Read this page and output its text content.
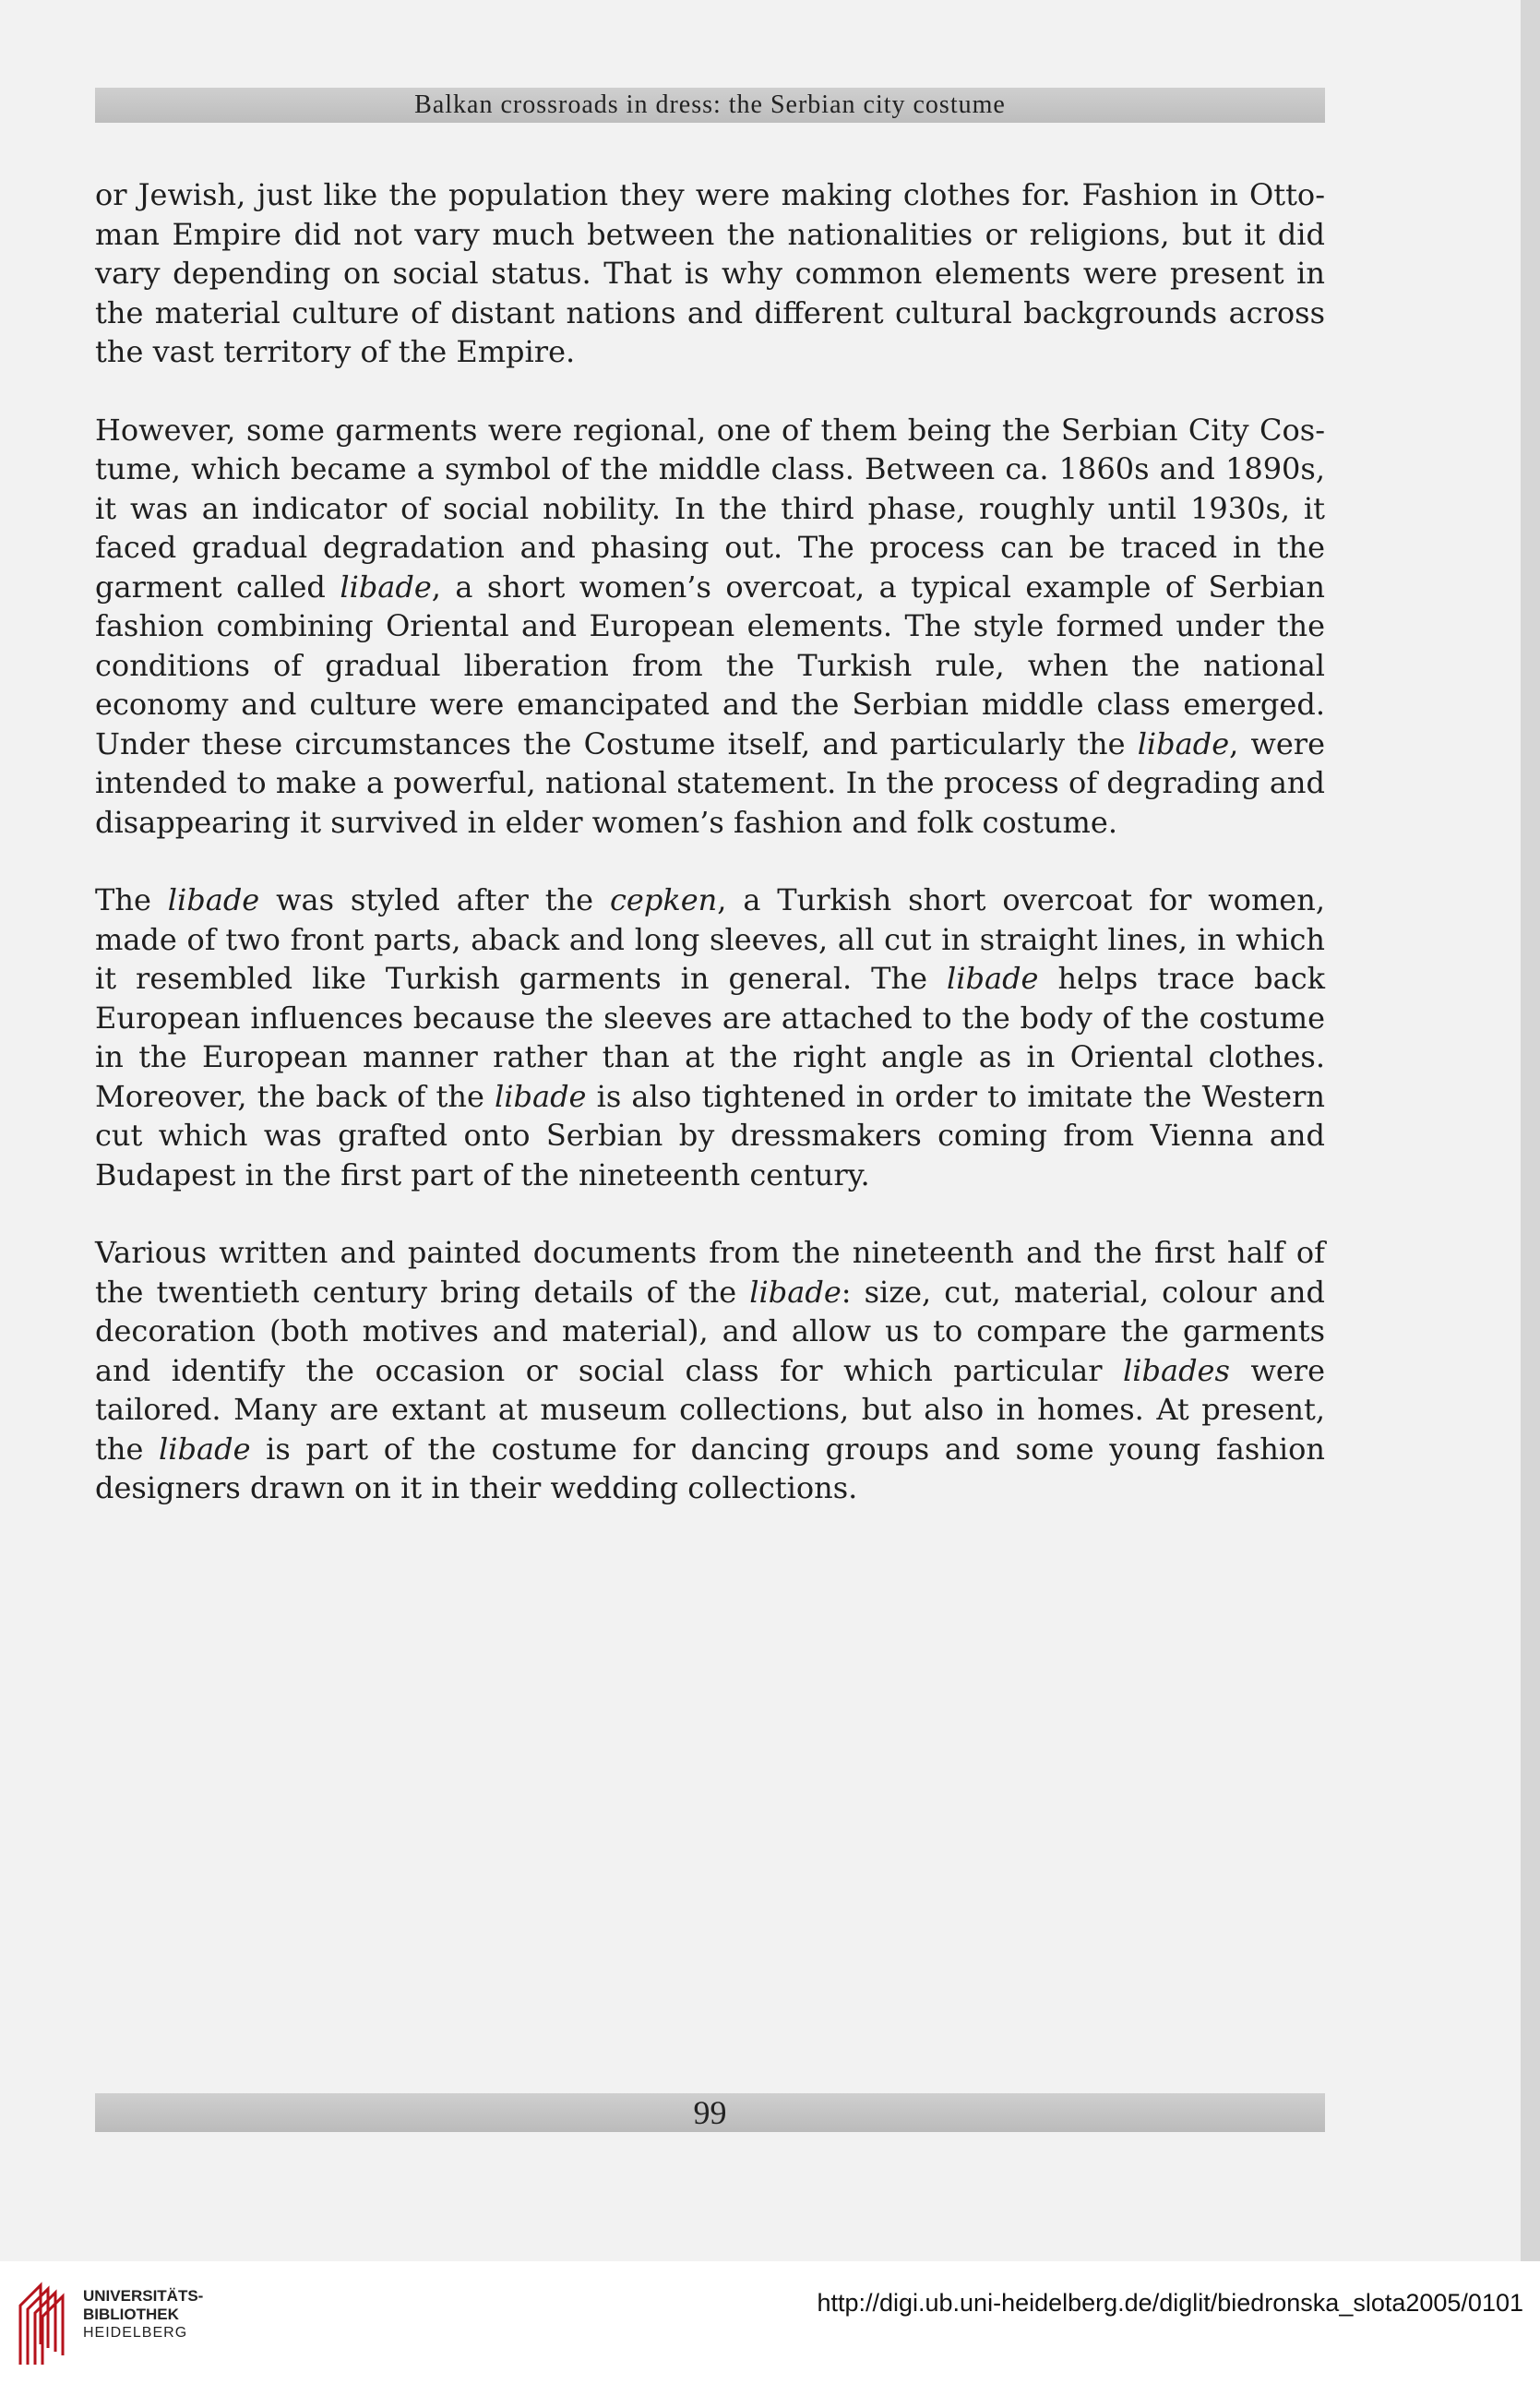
Balkan crossroads in dress: the Serbian city costume

or Jewish, just like the population they were making clothes for. Fashion in Ottoman Empire did not vary much between the nationalities or religions, but it did vary depending on social status. That is why common elements were present in the material culture of distant nations and different cultural backgrounds across the vast territory of the Empire.

However, some garments were regional, one of them being the Serbian City Costume, which became a symbol of the middle class. Between ca. 1860s and 1890s, it was an indicator of social nobility. In the third phase, roughly until 1930s, it faced gradual degradation and phasing out. The process can be traced in the garment called libade, a short women’s overcoat, a typical example of Serbian fashion combining Oriental and European elements. The style formed under the conditions of gradual liberation from the Turkish rule, when the national economy and culture were emancipated and the Serbian middle class emerged. Under these circumstances the Costume itself, and particularly the libade, were intended to make a powerful, national statement. In the process of degrading and disappearing it survived in elder women’s fashion and folk costume.

The libade was styled after the cepken, a Turkish short overcoat for women, made of two front parts, aback and long sleeves, all cut in straight lines, in which it resembled like Turkish garments in general. The libade helps trace back European influences because the sleeves are attached to the body of the costume in the European manner rather than at the right angle as in Oriental clothes. Moreover, the back of the libade is also tightened in order to imitate the Western cut which was grafted onto Serbian by dressmakers coming from Vienna and Budapest in the first part of the nineteenth century.

Various written and painted documents from the nineteenth and the first half of the twentieth century bring details of the libade: size, cut, material, colour and decoration (both motives and material), and allow us to compare the garments and identify the occasion or social class for which particular libades were tailored. Many are extant at museum collections, but also in homes. At present, the libade is part of the costume for dancing groups and some young fashion designers drawn on it in their wedding collections.

99
UNIVERSITÄTS-
BIBLIOTHEK
HEIDELBERG
http://digi.ub.uni-heidelberg.de/diglit/biedronska_slota2005/0101
